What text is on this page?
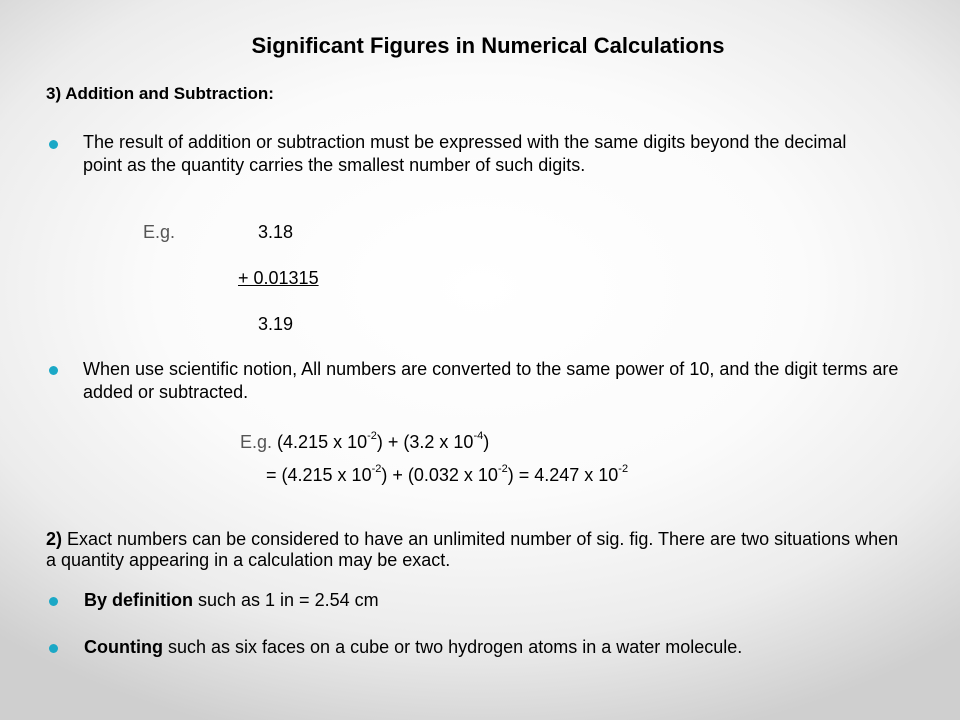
Significant Figures in Numerical Calculations
3) Addition and Subtraction:
The result of addition or subtraction must be expressed with the same digits beyond the decimal point as the quantity carries the smallest number of such digits.
E.g.	3.18
+ 0.01315
3.19
When use scientific notion, All numbers are converted to the same power of 10, and the digit terms are added or subtracted.
E.g. (4.215 x $10^{-2}) + (3.2$ x $10^{-4}$)
= (4.215 x $10^{-2}) + (0.032$ x $10^{-2}) = 4.247$ x $10^{-2}$
2) Exact numbers can be considered to have an unlimited number of sig. fig. There are two situations when a quantity appearing in a calculation may be exact.
By definition such as 1 in = 2.54 cm
Counting such as six faces on a cube or two hydrogen atoms in a water molecule.
